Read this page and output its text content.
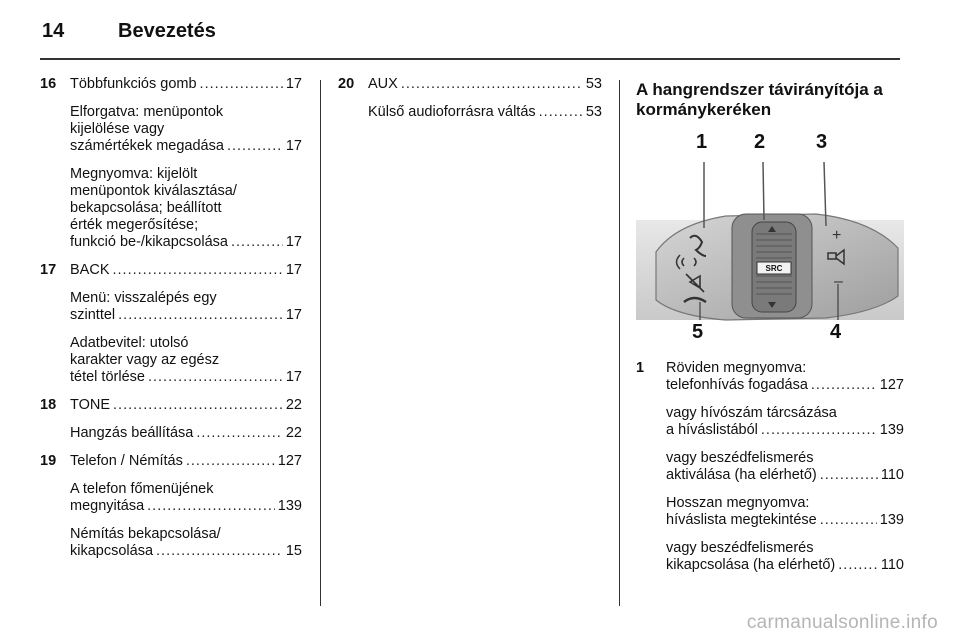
14	Bevezetés
16 Többfunkciós gomb .....	17
Elforgatva: menüpontok
kijelölése vagy
számértékek megadása .....	17
Megnyomva: kijelölt
menüpontok kiválasztása/
bekapcsolása; beállított
érték megerősítése;
funkció be-/kikapcsolása .....	17
17 BACK .....	17
Menü: visszalépés egy
szinttel .....	17
Adatbevitel: utolsó
karakter vagy az egész
tétel törlése .....	17
18 TONE .....	22
Hangzás beállítása .....	22
19 Telefon / Némítás .....	127
A telefon főmenüjének
megnyitása .....	139
Némítás bekapcsolása/
kikapcsolása .....	15
20 AUX .....	53
Külső audioforrásra váltás .....	53
A hangrendszer távirányítója a
kormánykeréken
SRC
+
–
1 2	3
4
5
1	Röviden megnyomva:
telefonhívás fogadása .....	127
vagy hívószám tárcsázása
a híváslistából .....	139
vagy beszédfelismerés
aktiválása (ha elérhető) .....	110
Hosszan megnyomva:
híváslista megtekintése .....	139
vagy beszédfelismerés
kikapcsolása (ha elérhető) .....	110
carmanualsonline.info
